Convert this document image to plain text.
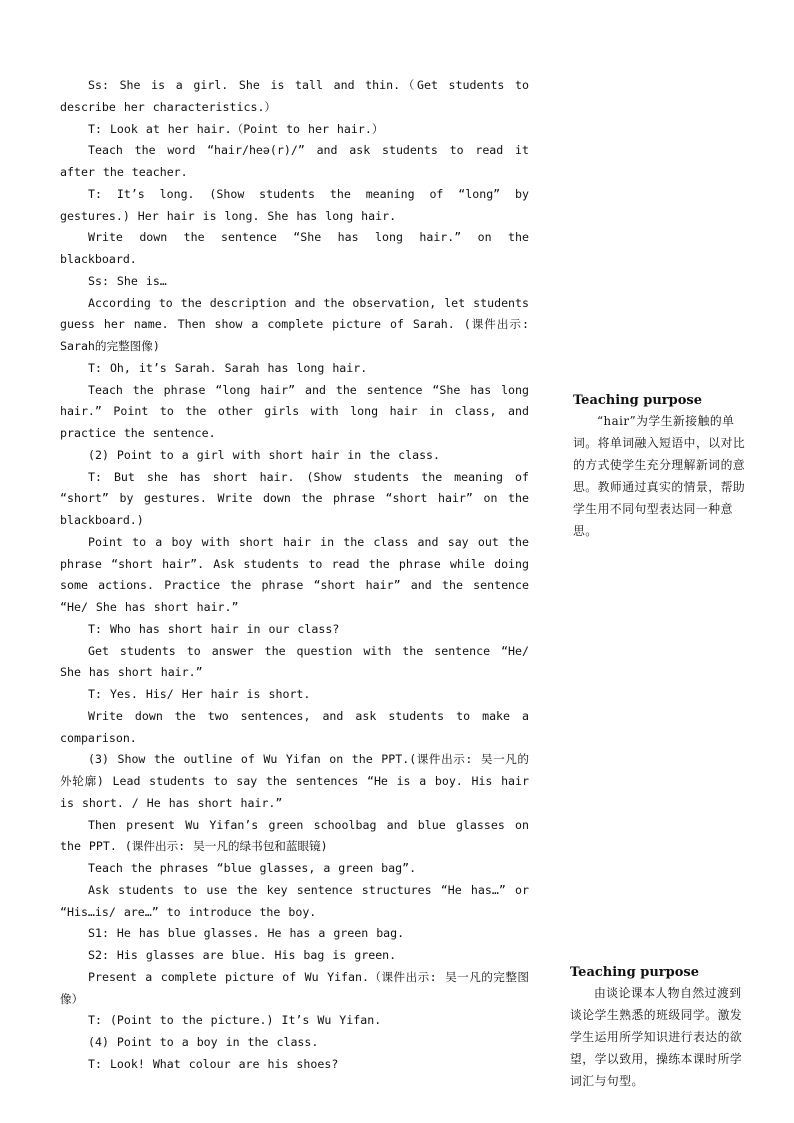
Ss: She is a girl. She is tall and thin.（Get students to describe her characteristics.）

T: Look at her hair.（Point to her hair.）

Teach the word “hair/heə(r)/” and ask students to read it after the teacher.

T: It’s long. (Show students the meaning of “long” by gestures.) Her hair is long. She has long hair.

Write down the sentence “She has long hair.” on the blackboard.

Ss: She is…

According to the description and the observation, let students guess her name. Then show a complete picture of Sarah. (课件出示: Sarah的完整图像)

T: Oh, it’s Sarah. Sarah has long hair.

Teach the phrase “long hair” and the sentence “She has long hair.” Point to the other girls with long hair in class, and practice the sentence.

(2) Point to a girl with short hair in the class.

T: But she has short hair. (Show students the meaning of “short” by gestures. Write down the phrase “short hair” on the blackboard.)

Point to a boy with short hair in the class and say out the phrase “short hair”. Ask students to read the phrase while doing some actions. Practice the phrase “short hair” and the sentence “He/ She has short hair.”

T: Who has short hair in our class?

Get students to answer the question with the sentence “He/ She has short hair.”

T: Yes. His/ Her hair is short.

Write down the two sentences, and ask students to make a comparison.

(3) Show the outline of Wu Yifan on the PPT.(课件出示: 吴一凡的外轮廓) Lead students to say the sentences “He is a boy. His hair is short. / He has short hair.”

Then present Wu Yifan’s green schoolbag and blue glasses on the PPT. (课件出示: 吴一凡的绿书包和蓝眼镜)

Teach the phrases “blue glasses, a green bag”.

Ask students to use the key sentence structures “He has…” or “His…is/ are…” to introduce the boy.

S1: He has blue glasses. He has a green bag.

S2: His glasses are blue. His bag is green.

Present a complete picture of Wu Yifan.（课件出示: 吴一凡的完整图像）

T: (Point to the picture.) It’s Wu Yifan.

(4) Point to a boy in the class.

T: Look! What colour are his shoes?

Teaching purpose

“hair”为学生新接触的单词。将单词融入短语中，以对比的方式使学生充分理解新词的意思。教师通过真实的情景，帮助学生用不同句型表达同一种意思。

Teaching purpose

由谈论课本人物自然过渡到谈论学生熟悉的班级同学。激发学生运用所学知识进行表达的欲望，学以致用，操练本课时所学词汇与句型。
